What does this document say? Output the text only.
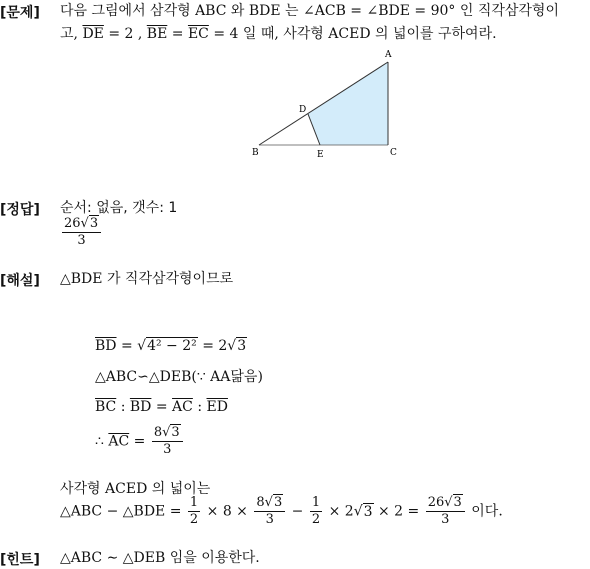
[문제] 다음 그림에서 삼각형 ABC 와 BDE 는 ∠ACB = ∠BDE = 90° 인 직각삼각형이
고, $\overline{DE} = 2$ , $\overline{BE} = \overline{EC} = 4$ 일 때, 사각형 ACED 의 넓이를 구하여라.
A
B	C
D
E
[정답] 순서: 없음, 갯수: 1
$\frac{26√3}{3}$
[해설] △BDE 가 직각삼각형이므로
$\overline{BD} = √4^2 - 2^2 = 2√3$
△ABC∽△DEB(∵ AA닮음)
$\overline{BC}$ : $\overline{BD} = \overline{AC}$ : $\overline{ED}$
∴ $\overline{AC} = \frac{8√3}{3}$
사각형 ACED 의 넓이는
△ABC − △BDE = $\frac{1}{2} \times 8 \times \frac{8√3}{3} - \frac{1}{2} \times 2√3 \times 2 = \frac{26√3}{3}$ 이다.
[힌트] △ABC ∼ △DEB 임을 이용한다.
